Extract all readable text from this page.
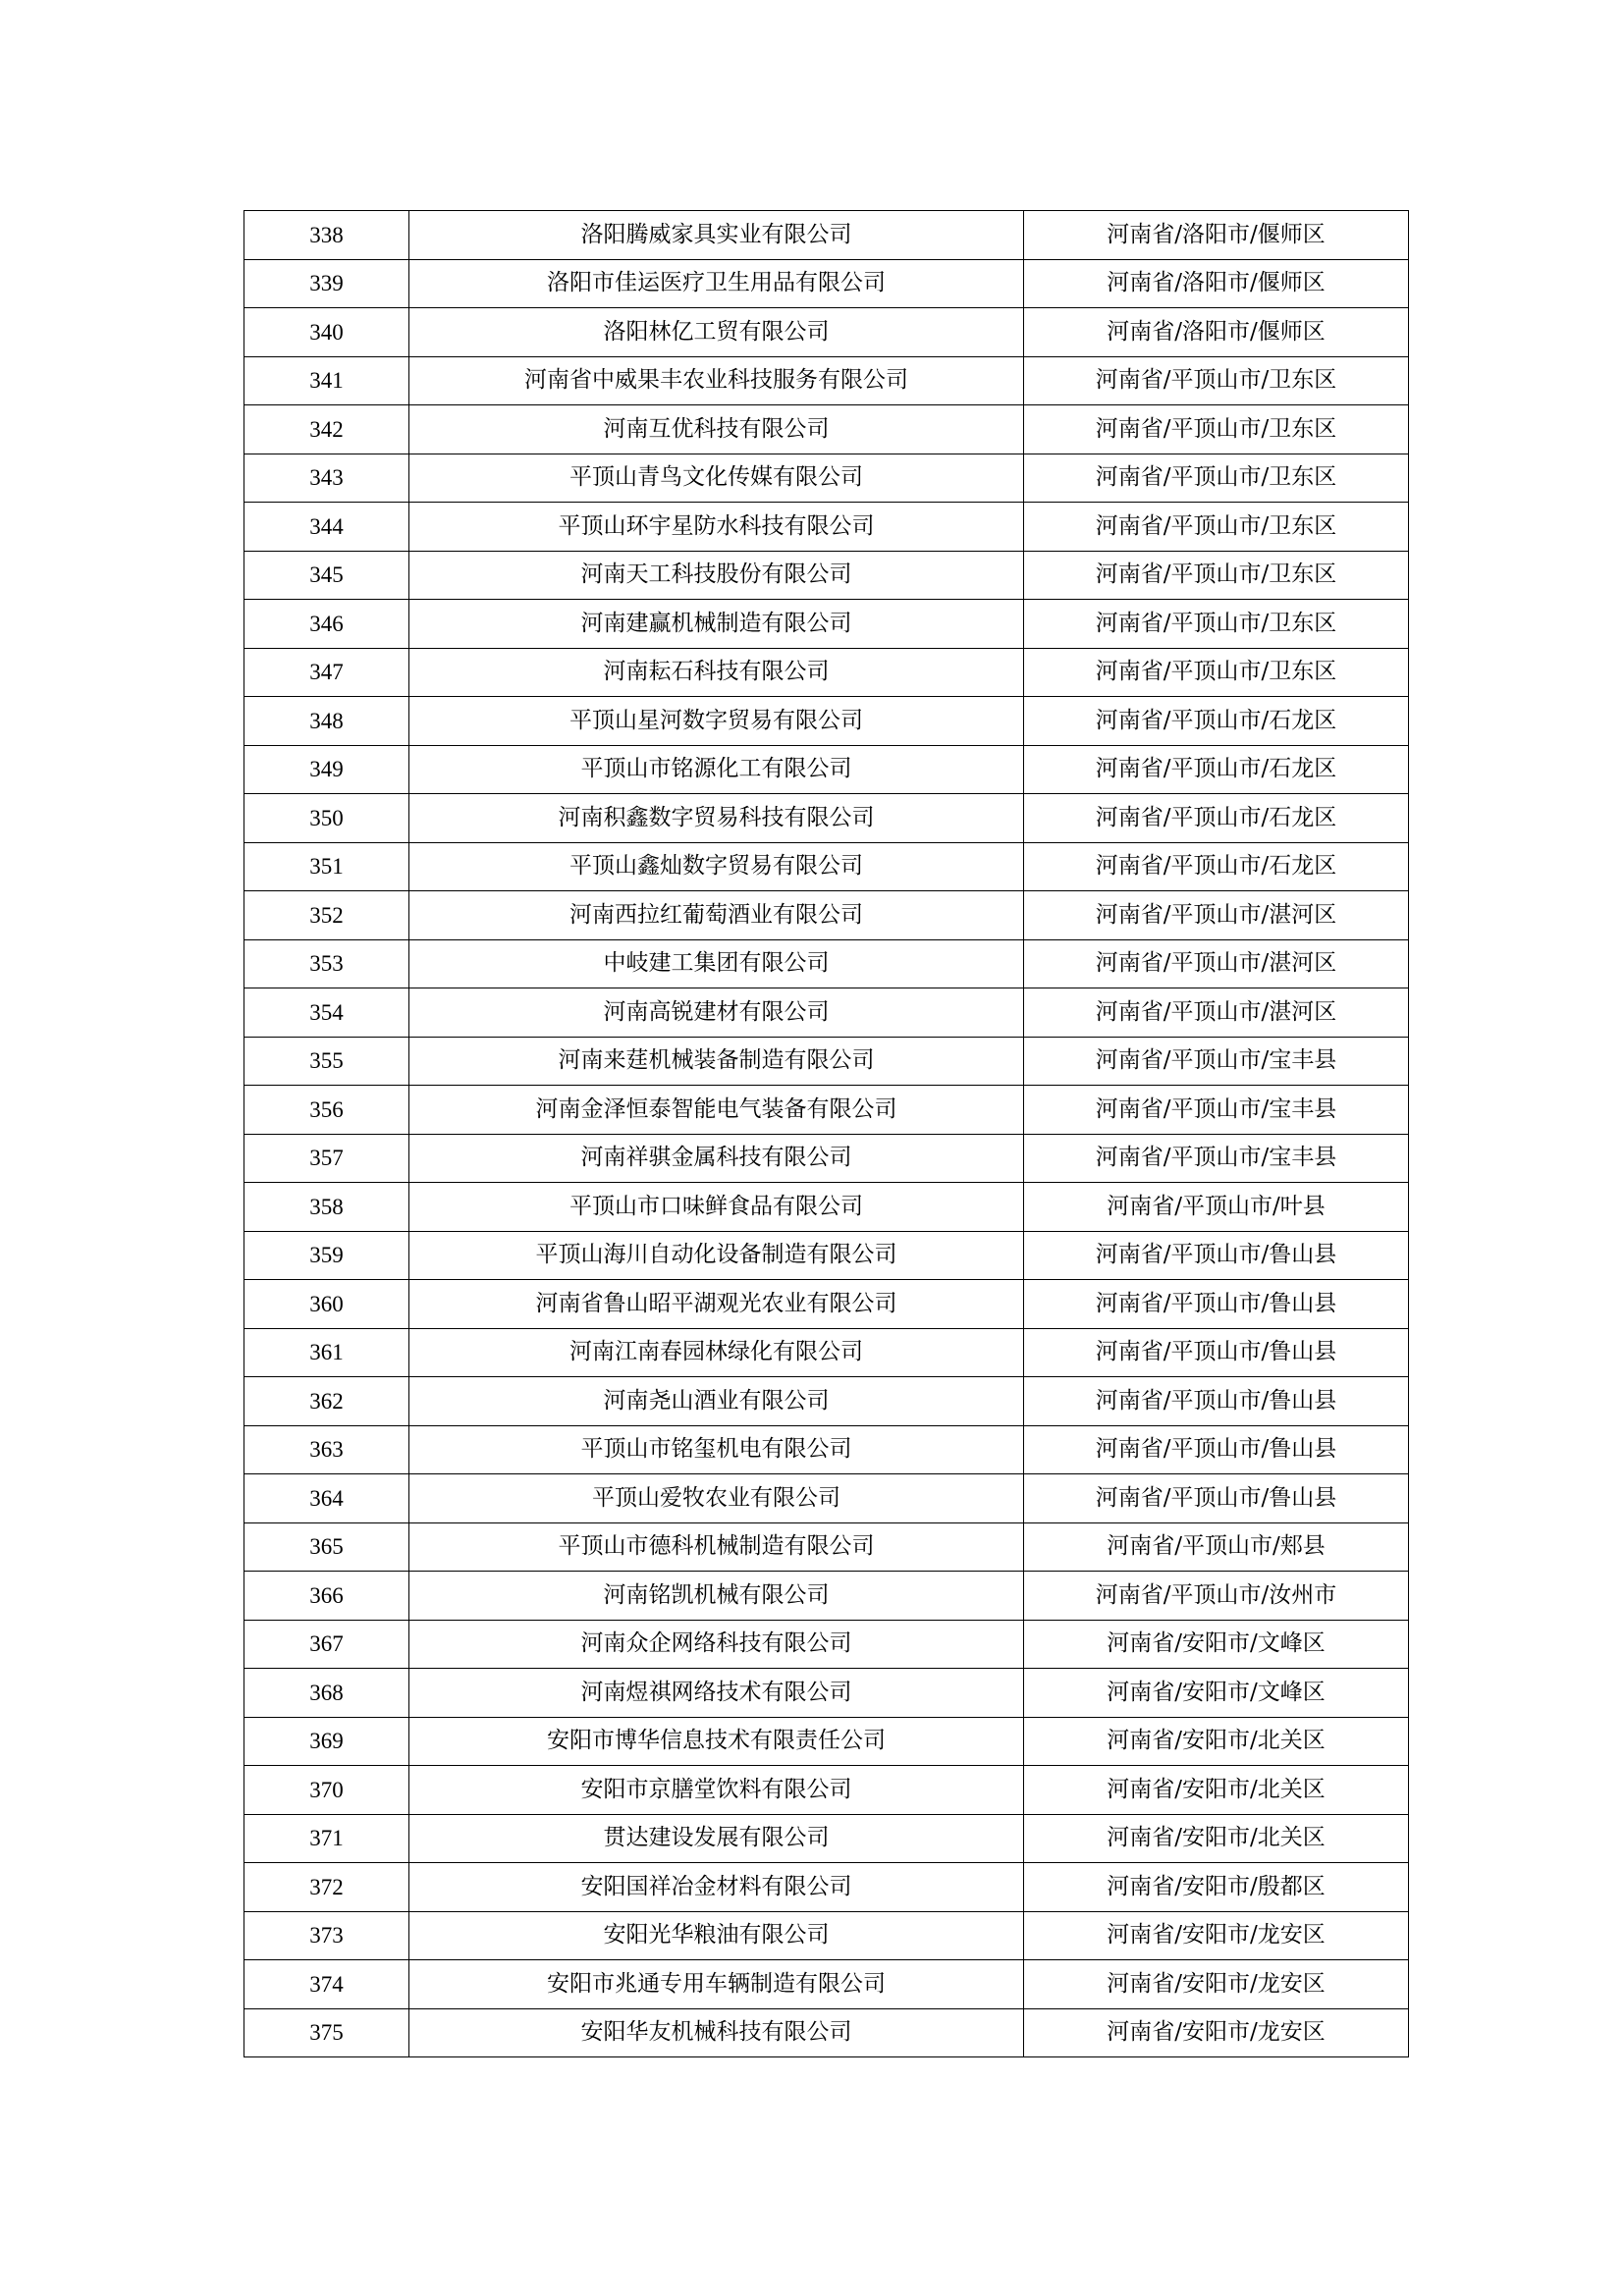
338	洛阳腾威家具实业有限公司	河南省/洛阳市/偃师区
339	洛阳市佳运医疗卫生用品有限公司	河南省/洛阳市/偃师区
340	洛阳林亿工贸有限公司	河南省/洛阳市/偃师区
341	河南省中威果丰农业科技服务有限公司	河南省/平顶山市/卫东区
342	河南互优科技有限公司	河南省/平顶山市/卫东区
343	平顶山青鸟文化传媒有限公司	河南省/平顶山市/卫东区
344	平顶山环宇星防水科技有限公司	河南省/平顶山市/卫东区
345	河南天工科技股份有限公司	河南省/平顶山市/卫东区
346	河南建赢机械制造有限公司	河南省/平顶山市/卫东区
347	河南耘石科技有限公司	河南省/平顶山市/卫东区
348	平顶山星河数字贸易有限公司	河南省/平顶山市/石龙区
349	平顶山市铭源化工有限公司	河南省/平顶山市/石龙区
350	河南积鑫数字贸易科技有限公司	河南省/平顶山市/石龙区
351	平顶山鑫灿数字贸易有限公司	河南省/平顶山市/石龙区
352	河南西拉红葡萄酒业有限公司	河南省/平顶山市/湛河区
353	中岐建工集团有限公司	河南省/平顶山市/湛河区
354	河南高锐建材有限公司	河南省/平顶山市/湛河区
355	河南来莛机械装备制造有限公司	河南省/平顶山市/宝丰县
356	河南金泽恒泰智能电气装备有限公司	河南省/平顶山市/宝丰县
357	河南祥骐金属科技有限公司	河南省/平顶山市/宝丰县
358	平顶山市口味鲜食品有限公司	河南省/平顶山市/叶县
359	平顶山海川自动化设备制造有限公司	河南省/平顶山市/鲁山县
360	河南省鲁山昭平湖观光农业有限公司	河南省/平顶山市/鲁山县
361	河南江南春园林绿化有限公司	河南省/平顶山市/鲁山县
362	河南尧山酒业有限公司	河南省/平顶山市/鲁山县
363	平顶山市铭玺机电有限公司	河南省/平顶山市/鲁山县
364	平顶山爱牧农业有限公司	河南省/平顶山市/鲁山县
365	平顶山市德科机械制造有限公司	河南省/平顶山市/郏县
366	河南铭凯机械有限公司	河南省/平顶山市/汝州市
367	河南众企网络科技有限公司	河南省/安阳市/文峰区
368	河南煜祺网络技术有限公司	河南省/安阳市/文峰区
369	安阳市博华信息技术有限责任公司	河南省/安阳市/北关区
370	安阳市京膳堂饮料有限公司	河南省/安阳市/北关区
371	贯达建设发展有限公司	河南省/安阳市/北关区
372	安阳国祥冶金材料有限公司	河南省/安阳市/殷都区
373	安阳光华粮油有限公司	河南省/安阳市/龙安区
374	安阳市兆通专用车辆制造有限公司	河南省/安阳市/龙安区
375	安阳华友机械科技有限公司	河南省/安阳市/龙安区
